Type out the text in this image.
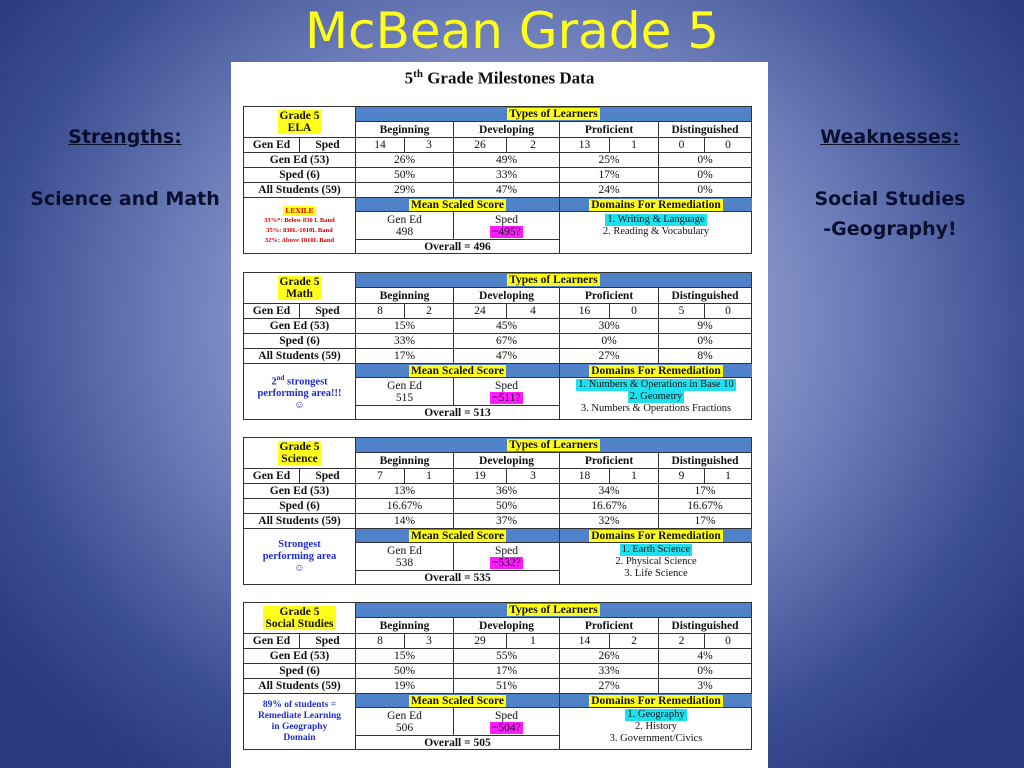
McBean Grade 5
Strengths:
Science and Math
Weaknesses:
Social Studies
-Geography!
5th Grade Milestones Data
Grade 5
ELA
Types of Learners
Beginning	Developing	Proficient	Distinguished
Gen Ed	Sped	14	3	26	2	13	1	0	0
Gen Ed (53)	26%	49%	25%	0%
Sped (6)	50%	33%	17%	0%
All Students (59)	29%	47%	24%	0%
LEXILE
33%*: Below 830 L Band
35%: 830L-1010L Band
32%: Above 1010L Band
Mean Scaled Score
Gen Ed
498
Sped
~495?
Overall = 496
Domains For Remediation
1. Writing & Language
2. Reading & Vocabulary
Grade 5
Math
Types of Learners
Beginning	Developing	Proficient	Distinguished
Gen Ed	Sped	8	2	24	4	16	0	5	0
Gen Ed (53)	15%	45%	30%	9%
Sped (6)	33%	67%	0%	0%
All Students (59)	17%	47%	27%	8%
2nd strongest
performing area!!!
☺
Mean Scaled Score
Gen Ed
515
Sped
~511?
Overall = 513
Domains For Remediation
1. Numbers & Operations in Base 10
2. Geometry
3. Numbers & Operations Fractions
Grade 5
Science
Types of Learners
Beginning	Developing	Proficient	Distinguished
Gen Ed	Sped	7	1	19	3	18	1	9	1
Gen Ed (53)	13%	36%	34%	17%
Sped (6)	16.67%	50%	16.67%	16.67%
All Students (59)	14%	37%	32%	17%
Strongest
performing area
☺
Mean Scaled Score
Gen Ed
538
Sped
~532?
Overall = 535
Domains For Remediation
1. Earth Science
2. Physical Science
3. Life Science
Grade 5
Social Studies
Types of Learners
Beginning	Developing	Proficient	Distinguished
Gen Ed	Sped	8	3	29	1	14	2	2	0
Gen Ed (53)	15%	55%	26%	4%
Sped (6)	50%	17%	33%	0%
All Students (59)	19%	51%	27%	3%
89% of students =
Remediate Learning
in Geography
Domain
Mean Scaled Score
Gen Ed
506
Sped
~504?
Overall = 505
Domains For Remediation
1. Geography
2. History
3. Government/Civics
